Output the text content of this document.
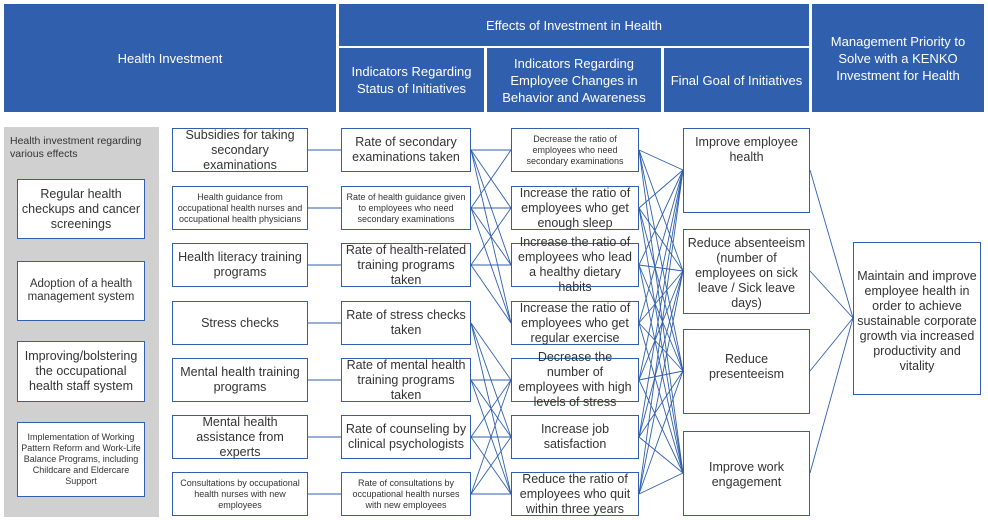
Health Investment
Effects of Investment in Health
Indicators Regarding Status of Initiatives
Indicators Regarding Employee Changes in Behavior and Awareness
Final Goal of Initiatives
Management Priority to Solve with a KENKO Investment for Health
Health investment regarding various effects
Regular health checkups and cancer screenings
Adoption of a health management system
Improving/bolstering the occupational health staff system
Implementation of Working Pattern Reform and Work-Life Balance Programs, including Childcare and Eldercare Support
Subsidies for taking secondary examinations
Health guidance from occupational health nurses and occupational health physicians
Health literacy training programs
Stress checks
Mental health training programs
Mental health assistance from experts
Consultations by occupational health nurses with new employees
Rate of secondary examinations taken
Rate of health guidance given to employees who need secondary examinations
Rate of health-related training programs taken
Rate of stress checks taken
Rate of mental health training programs taken
Rate of counseling by clinical psychologists
Rate of consultations by occupational health nurses with new employees
Decrease the ratio of employees who need secondary examinations
Increase the ratio of employees who get enough sleep
Increase the ratio of employees who lead a healthy dietary habits
Increase the ratio of employees who get regular exercise
Decrease the number of employees with high levels of stress
Increase job satisfaction
Reduce the ratio of employees who quit within three years
Improve employee health
Reduce absenteeism (number of employees on sick leave / Sick leave days)
Reduce presenteeism
Improve work engagement
Maintain and improve employee health in order to achieve sustainable corporate growth via increased productivity and vitality
